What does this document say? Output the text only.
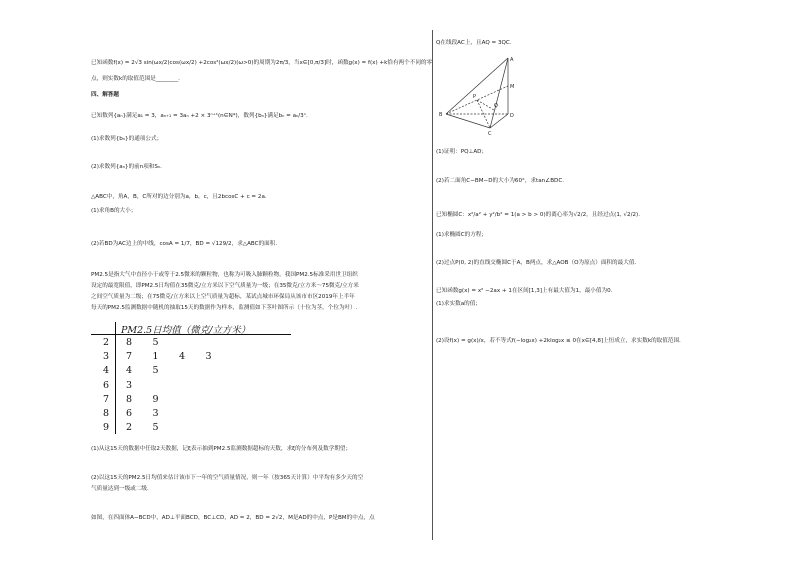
已知函数f(x) = 2√3 sin(ωx/2)cos(ωx/2) +2cos²(ωx/2)(ω>0)的周期为2π/3，当x∈[0,π/3]时，函数g(x) = f(x) +k恰有两个不同的零
点，则实数k的取值范围是________.
四、解答题
已知数列{aₙ}满足a₁ = 3，aₙ₊₁ = 3aₙ +2 × 3ⁿ⁺¹(n∈N*)，数列{bₙ}满足bₙ = aₙ/3ⁿ.
(1)求数列{bₙ}的通项公式；
(2)求数列{aₙ}的前n项和Sₙ.
△ABC中，角A，B，C所对的边分别为a，b，c，且2bcosC + c = 2a.
(1)求角B的大小；
(2)若BD为AC边上的中线，cosA = 1/7，BD = √129/2，求△ABC的面积.
PM2.5是指大气中直径小于或等于2.5微米的颗粒物，也称为可吸入肺颗粒物。我国PM2.5标准采用世卫组织
设定的最宽限值，即PM2.5日均值在35微克/立方米以下空气质量为一级；在35微克/立方米～75微克/立方米
之间空气质量为二级；在75微克/立方米以上空气质量为超标，某试点城市环保局从该市市区2019年上半年
每天的PM2.5监测数据中随机的抽取15天的数据作为样本，监测值如下茎叶图所示（十位为茎，个位为叶）.
PM2.5日均值（微克/立方米）
2 8 5
3 7 1 4 3
4 4 5
6 3
7 8 9
8 6 3
9 2 5
(1)从这15天的数据中任取2天数据，记ξ表示抽到PM2.5监测数据超标的天数，求ξ的分布列及数学期望；
(2)以这15天的PM2.5日均值来估计该市下一年的空气质量情况，则一年（按365天计算）中平均有多少天的空
气质量达到一级或二级.
如图，在四面体A−BCD中，AD⊥平面BCD，BC⊥CD，AD = 2，BD = 2√2，M是AD的中点，P是BM的中点，点
Q在线段AC上，且AQ = 3QC.
A
M
Q
P
B
C
D
(1)证明：PQ⊥AD；
(2)若二面角C−BM−D的大小为60°，求tan∠BDC.
已知椭圆C：x²/a² + y²/b² = 1(a > b > 0)的离心率为√2/2，且经过点(1, √2/2).
(1)求椭圆C的方程；
(2)过点P(0, 2)的直线交椭圆C于A，B两点，求△AOB（O为原点）面积的最大值.
已知函数g(x) = x² −2ax + 1在区间[1,3]上有最大值为1，最小值为0.
(1)求实数a的值；
(2)设f(x) = g(x)/x，若不等式f(−log₂x) +2klog₂x ≤ 0在x∈[4,8]上恒成立，求实数k的取值范围.
